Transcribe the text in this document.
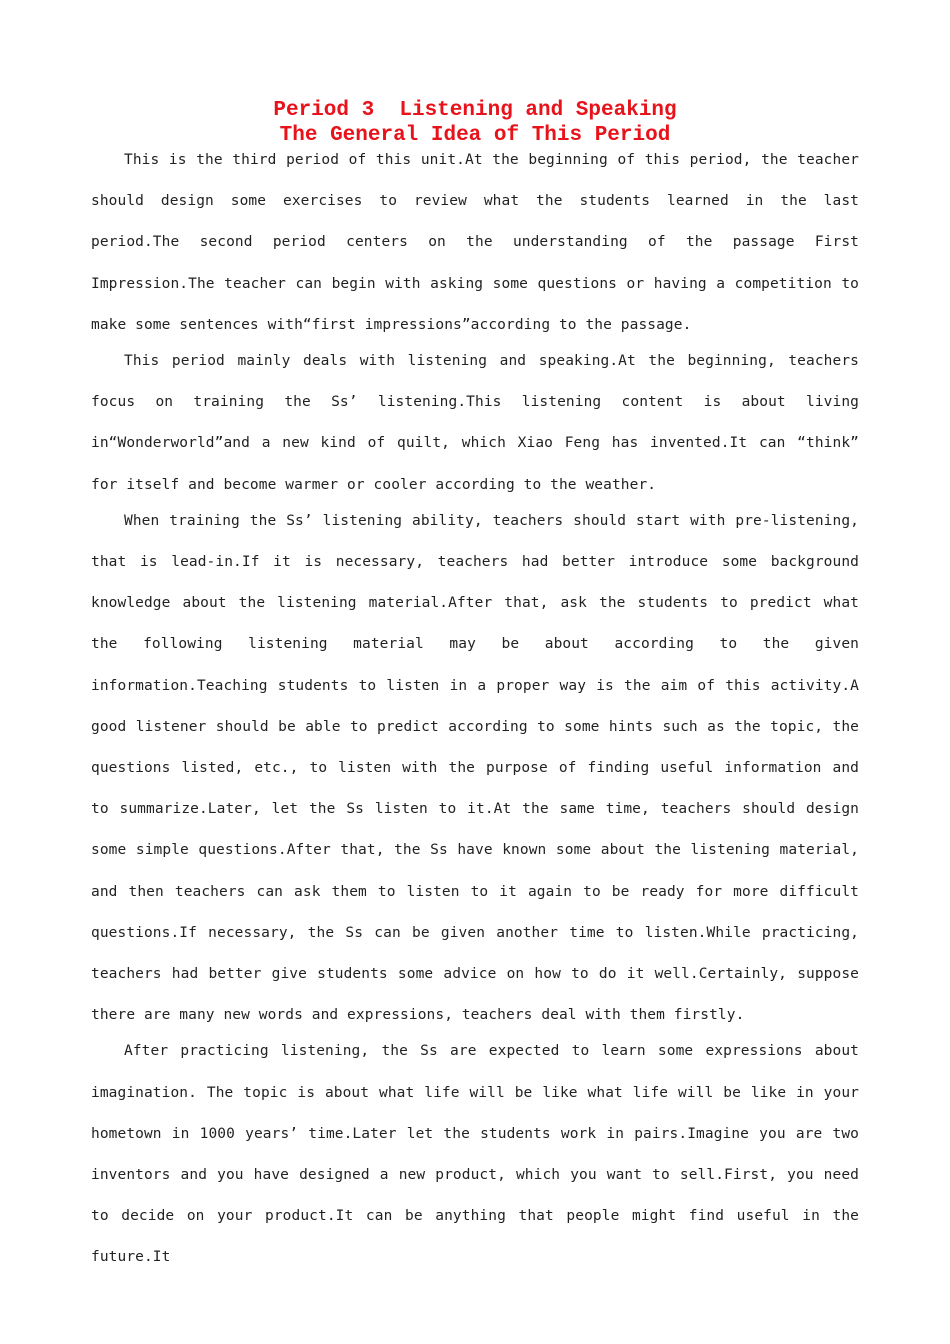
Period 3  Listening and Speaking
The General Idea of This Period

This is the third period of this unit.At the beginning of this period, the teacher should design some exercises to review what the students learned in the last period.The second period centers on the understanding of the passage First Impression.The teacher can begin with asking some questions or having a competition to make some sentences with“first impressions”according to the passage.

This period mainly deals with listening and speaking.At the beginning, teachers focus on training the Ss’ listening.This listening content is about living in“Wonderworld”and a new kind of quilt, which Xiao Feng has invented.It can “think” for itself and become warmer or cooler according to the weather.

When training the Ss’ listening ability, teachers should start with pre-listening, that is lead-in.If it is necessary, teachers had better introduce some background knowledge about the listening material.After that, ask the students to predict what the following listening material may be about according to the given information.Teaching students to listen in a proper way is the aim of this activity.A good listener should be able to predict according to some hints such as the topic, the questions listed, etc., to listen with the purpose of finding useful information and to summarize.Later, let the Ss listen to it.At the same time, teachers should design some simple questions.After that, the Ss have known some about the listening material, and then teachers can ask them to listen to it again to be ready for more difficult questions.If necessary, the Ss can be given another time to listen.While practicing, teachers had better give students some advice on how to do it well.Certainly, suppose there are many new words and expressions, teachers deal with them firstly.

After practicing listening, the Ss are expected to learn some expressions about imagination. The topic is about what life will be like what life will be like in your hometown in 1000 years’ time.Later let the students work in pairs.Imagine you are two inventors and you have designed a new product, which you want to sell.First, you need to decide on your product.It can be anything that people might find useful in the future.It
